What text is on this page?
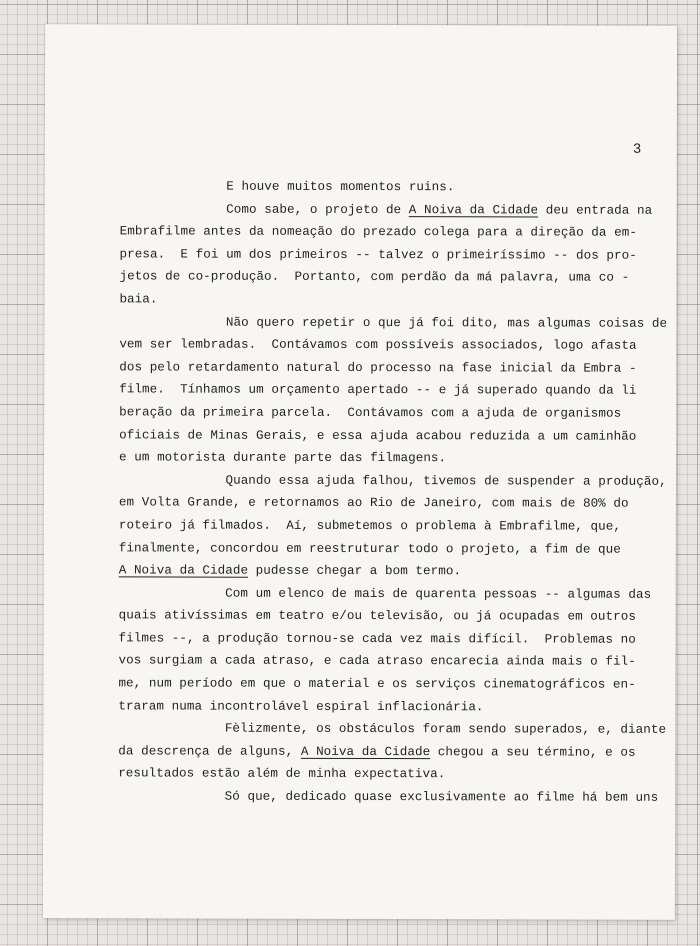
3
E houve muitos momentos ruins.
Como sabe, o projeto de A Noiva da Cidade deu entrada na
Embrafilme antes da nomeação do prezado colega para a direção da em-
presa.  E foi um dos primeiros -- talvez o primeiríssimo -- dos pro-
jetos de co-produção.  Portanto, com perdão da má palavra, uma co -
baia.
Não quero repetir o que já foi dito, mas algumas coisas de
vem ser lembradas.  Contávamos com possíveis associados, logo afasta
dos pelo retardamento natural do processo na fase inicial da Embra -
filme.  Tínhamos um orçamento apertado -- e já superado quando da li
beração da primeira parcela.  Contávamos com a ajuda de organismos
oficiais de Minas Gerais, e essa ajuda acabou reduzida a um caminhão
e um motorista durante parte das filmagens.
Quando essa ajuda falhou, tivemos de suspender a produção,
em Volta Grande, e retornamos ao Rio de Janeiro, com mais de 80% do
roteiro já filmados.  Aí, submetemos o problema à Embrafilme, que,
finalmente, concordou em reestruturar todo o projeto, a fim de que
A Noiva da Cidade pudesse chegar a bom termo.
Com um elenco de mais de quarenta pessoas -- algumas das
quais ativíssimas em teatro e/ou televisão, ou já ocupadas em outros
filmes --, a produção tornou-se cada vez mais difícil.  Problemas no
vos surgiam a cada atraso, e cada atraso encarecia ainda mais o fil-
me, num período em que o material e os serviços cinematográficos en-
traram numa incontrolável espiral inflacionária.
Fèlizmente, os obstáculos foram sendo superados, e, diante
da descrença de alguns, A Noiva da Cidade chegou a seu término, e os
resultados estão além de minha expectativa.
Só que, dedicado quase exclusivamente ao filme há bem uns
